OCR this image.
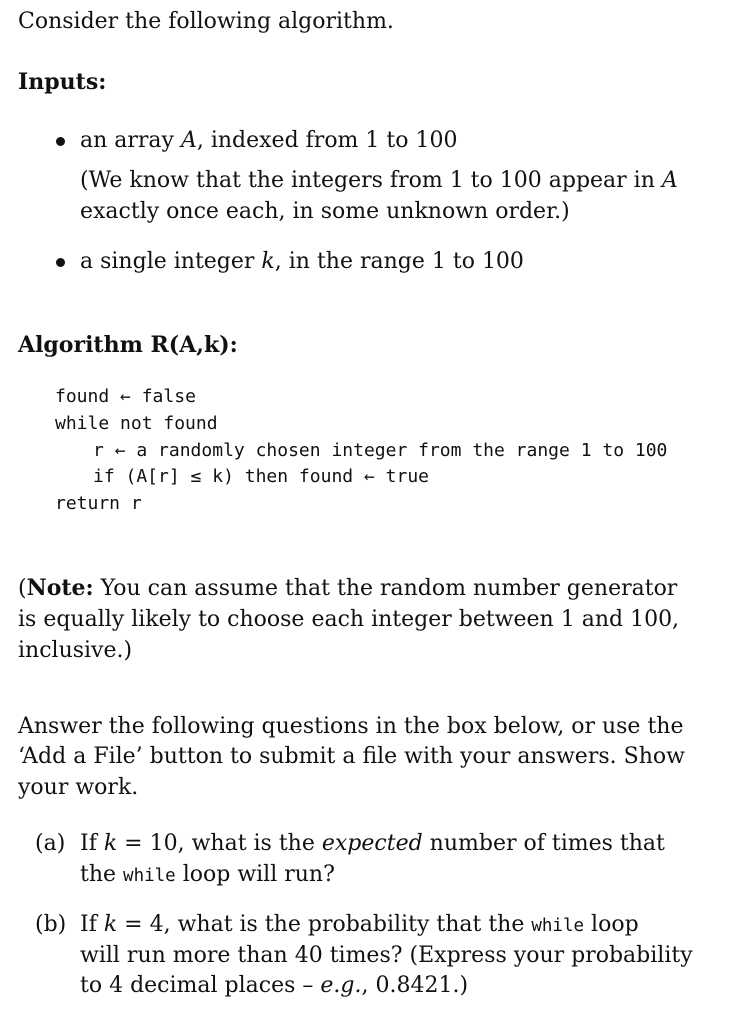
Consider the following algorithm.
Inputs:
an array A, indexed from 1 to 100
(We know that the integers from 1 to 100 appear in A
exactly once each, in some unknown order.)
a single integer k, in the range 1 to 100
Algorithm R(A,k):
found ← false
while not found
r ← a randomly chosen integer from the range 1 to 100
if (A[r] ≤ k) then found ← true
return r
(Note: You can assume that the random number generator
is equally likely to choose each integer between 1 and 100,
inclusive.)
Answer the following questions in the box below, or use the
‘Add a File’ button to submit a file with your answers. Show
your work.
(a) If k = 10, what is the expected number of times that
the while loop will run?
(b) If k = 4, what is the probability that the while loop
will run more than 40 times? (Express your probability
to 4 decimal places – e.g., 0.8421.)
